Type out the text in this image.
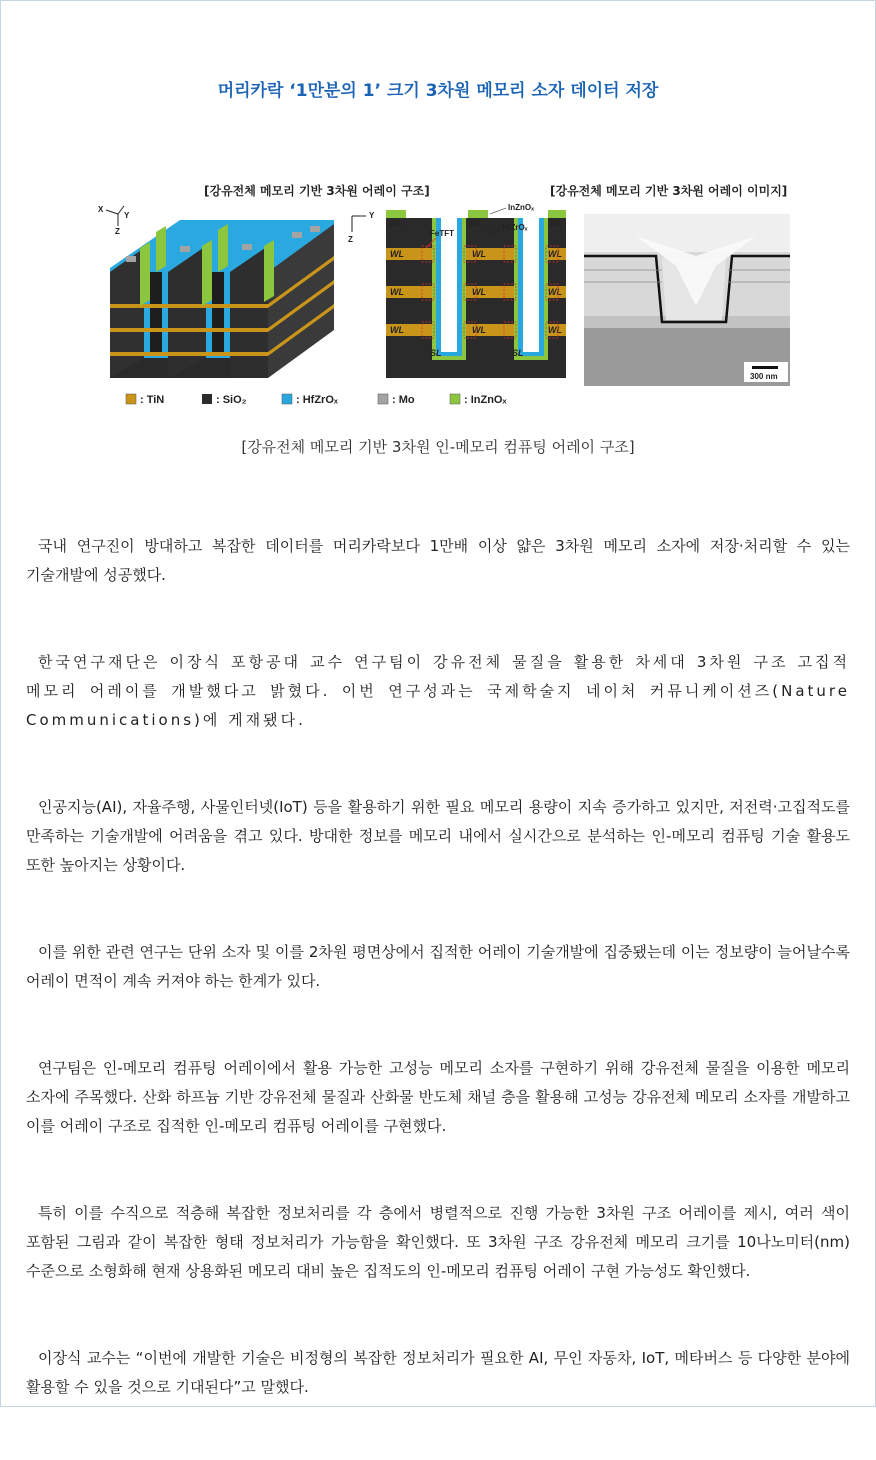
머리카락 ‘1만분의 1’ 크기 3차원 메모리 소자 데이터 저장
[강유전체 메모리 기반 3차원 어레이 구조]	[강유전체 메모리 기반 3차원 어레이 이미지]
X
Y
Z
Y
Z
BL	BL	BL
WL	WL	WL
WL	WL	WL
WL	WL	WL
SL	SL
FeTFT
InZnOₓ
HfZrOₓ
300 nm
: TiN	: SiO₂	: HfZrOₓ	: Mo	: InZnOₓ
[강유전체 메모리 기반 3차원 인-메모리 컴퓨팅 어레이 구조]

국내 연구진이 방대하고 복잡한 데이터를 머리카락보다 1만배 이상 얇은 3차원 메모리 소자에 저장·처리할 수 있는 기술개발에 성공했다.

한국연구재단은 이장식 포항공대 교수 연구팀이 강유전체 물질을 활용한 차세대 3차원 구조 고집적 메모리 어레이를 개발했다고 밝혔다. 이번 연구성과는 국제학술지 네이처 커뮤니케이션즈(Nature Communications)에 게재됐다.

인공지능(AI), 자율주행, 사물인터넷(IoT) 등을 활용하기 위한 필요 메모리 용량이 지속 증가하고 있지만, 저전력·고집적도를 만족하는 기술개발에 어려움을 겪고 있다. 방대한 정보를 메모리 내에서 실시간으로 분석하는 인-메모리 컴퓨팅 기술 활용도 또한 높아지는 상황이다.

이를 위한 관련 연구는 단위 소자 및 이를 2차원 평면상에서 집적한 어레이 기술개발에 집중됐는데 이는 정보량이 늘어날수록 어레이 면적이 계속 커져야 하는 한계가 있다.

연구팀은 인-메모리 컴퓨팅 어레이에서 활용 가능한 고성능 메모리 소자를 구현하기 위해 강유전체 물질을 이용한 메모리 소자에 주목했다. 산화 하프늄 기반 강유전체 물질과 산화물 반도체 채널 층을 활용해 고성능 강유전체 메모리 소자를 개발하고 이를 어레이 구조로 집적한 인-메모리 컴퓨팅 어레이를 구현했다.

특히 이를 수직으로 적층해 복잡한 정보처리를 각 층에서 병렬적으로 진행 가능한 3차원 구조 어레이를 제시, 여러 색이 포함된 그림과 같이 복잡한 형태 정보처리가 가능함을 확인했다. 또 3차원 구조 강유전체 메모리 크기를 10나노미터(nm) 수준으로 소형화해 현재 상용화된 메모리 대비 높은 집적도의 인-메모리 컴퓨팅 어레이 구현 가능성도 확인했다.

이장식 교수는 “이번에 개발한 기술은 비정형의 복잡한 정보처리가 필요한 AI, 무인 자동차, IoT, 메타버스 등 다양한 분야에 활용할 수 있을 것으로 기대된다”고 말했다.
